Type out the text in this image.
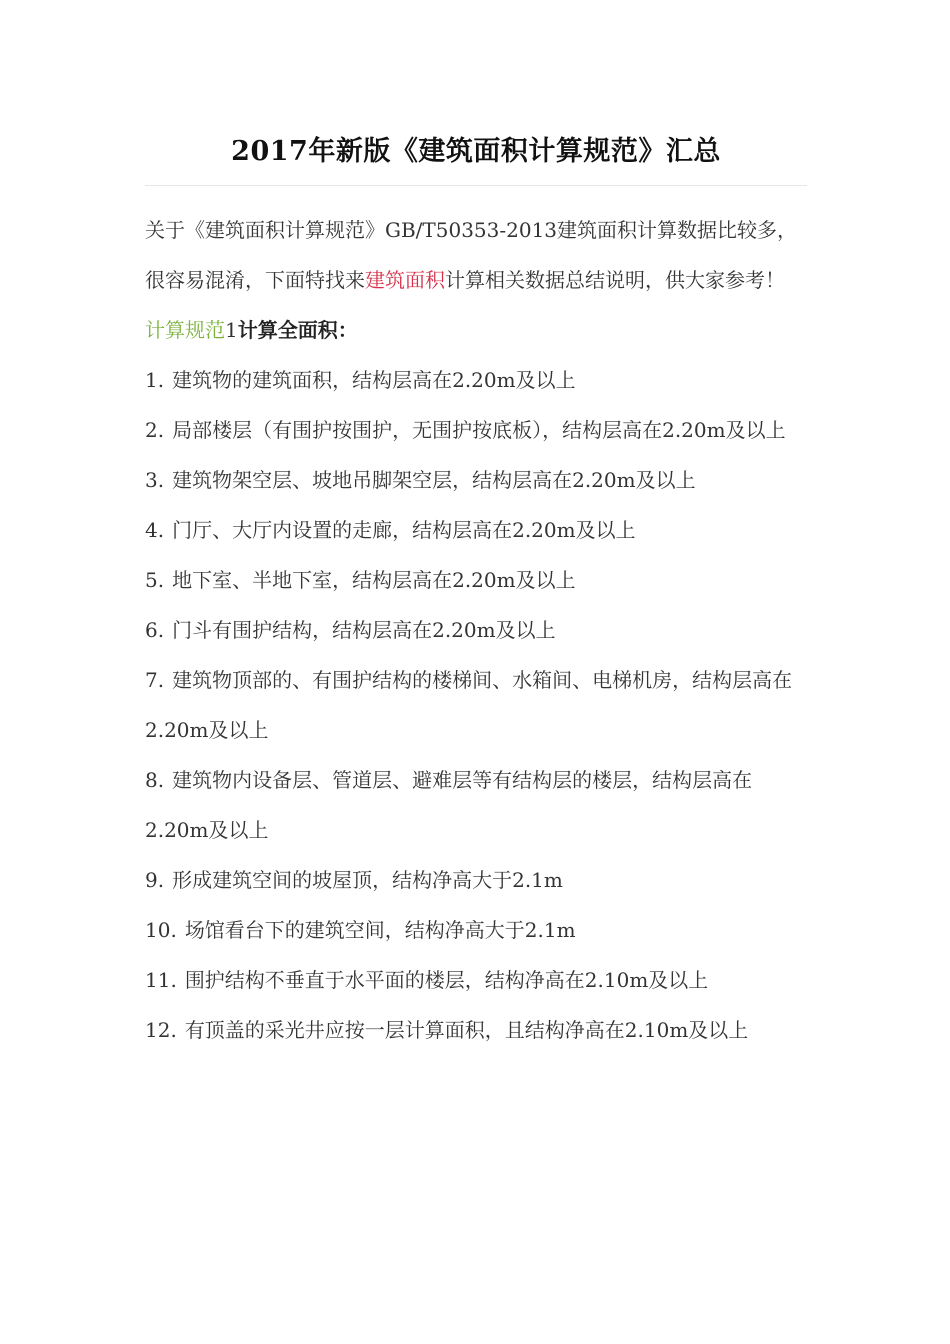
2017年新版《建筑面积计算规范》汇总

关于《建筑面积计算规范》GB/T50353-2013建筑面积计算数据比较多，很容易混淆，下面特找来建筑面积计算相关数据总结说明，供大家参考！

计算规范1计算全面积：

1. 建筑物的建筑面积，结构层高在2.20m及以上

2. 局部楼层（有围护按围护，无围护按底板），结构层高在2.20m及以上

3. 建筑物架空层、坡地吊脚架空层，结构层高在2.20m及以上

4. 门厅、大厅内设置的走廊，结构层高在2.20m及以上

5. 地下室、半地下室，结构层高在2.20m及以上

6. 门斗有围护结构，结构层高在2.20m及以上

7. 建筑物顶部的、有围护结构的楼梯间、水箱间、电梯机房，结构层高在2.20m及以上

8. 建筑物内设备层、管道层、避难层等有结构层的楼层，结构层高在2.20m及以上

9. 形成建筑空间的坡屋顶，结构净高大于2.1m

10. 场馆看台下的建筑空间，结构净高大于2.1m

11. 围护结构不垂直于水平面的楼层，结构净高在2.10m及以上

12. 有顶盖的采光井应按一层计算面积，且结构净高在2.10m及以上
